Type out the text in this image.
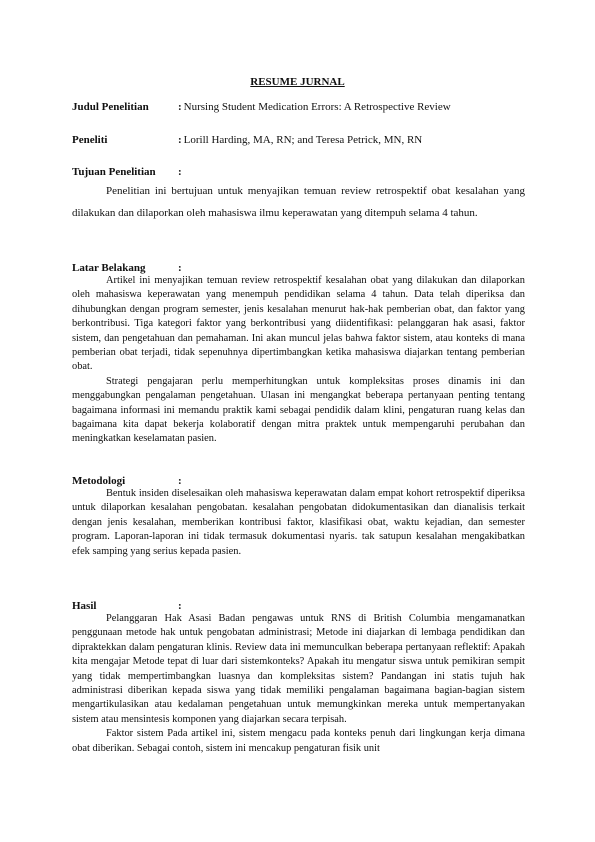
RESUME JURNAL
Judul Penelitian	: Nursing Student Medication Errors: A Retrospective Review
Peneliti	: Lorill Harding, MA, RN; and Teresa Petrick, MN, RN
Tujuan Penelitian :

Penelitian ini bertujuan untuk menyajikan temuan review retrospektif obat kesalahan yang dilakukan dan dilaporkan oleh mahasiswa ilmu keperawatan yang ditempuh selama 4 tahun.

Latar Belakang	:

Artikel ini menyajikan temuan review retrospektif kesalahan obat yang dilakukan dan dilaporkan oleh mahasiswa keperawatan yang menempuh pendidikan selama 4 tahun. Data telah diperiksa dan dihubungkan dengan program semester, jenis kesalahan menurut hak-hak pemberian obat, dan faktor yang berkontribusi. Tiga kategori faktor yang berkontribusi yang diidentifikasi: pelanggaran hak asasi, faktor sistem, dan pengetahuan dan pemahaman. Ini akan muncul jelas bahwa faktor sistem, atau konteks di mana pemberian obat terjadi, tidak sepenuhnya dipertimbangkan ketika mahasiswa diajarkan tentang pemberian obat.

Strategi pengajaran perlu memperhitungkan untuk kompleksitas proses dinamis ini dan menggabungkan pengalaman pengetahuan. Ulasan ini mengangkat beberapa pertanyaan penting tentang bagaimana informasi ini memandu praktik kami sebagai pendidik dalam klini, pengaturan ruang kelas dan bagaimana kita dapat bekerja kolaboratif dengan mitra praktek untuk mempengaruhi perubahan dan meningkatkan keselamatan pasien.

Metodologi	:

Bentuk insiden diselesaikan oleh mahasiswa keperawatan dalam empat kohort retrospektif diperiksa untuk dilaporkan kesalahan pengobatan. kesalahan pengobatan didokumentasikan dan dianalisis terkait dengan jenis kesalahan, memberikan kontribusi faktor, klasifikasi obat, waktu kejadian, dan semester program. Laporan-laporan ini tidak termasuk dokumentasi nyaris. tak satupun kesalahan mengakibatkan efek samping yang serius kepada pasien.

Hasil	:

Pelanggaran Hak Asasi Badan pengawas untuk RNS di British Columbia mengamanatkan penggunaan metode hak untuk pengobatan administrasi; Metode ini diajarkan di lembaga pendidikan dan dipraktekkan dalam pengaturan klinis. Review data ini memunculkan beberapa pertanyaan reflektif: Apakah kita mengajar Metode tepat di luar dari sistemkonteks? Apakah itu mengatur siswa untuk pemikiran sempit yang tidak mempertimbangkan luasnya dan kompleksitas sistem? Pandangan ini statis tujuh hak administrasi diberikan kepada siswa yang tidak memiliki pengalaman bagaimana bagian-bagian sistem mengartikulasikan atau kedalaman pengetahuan untuk memungkinkan mereka untuk mempertanyakan sistem atau mensintesis komponen yang diajarkan secara terpisah.

Faktor sistem Pada artikel ini, sistem mengacu pada konteks penuh dari lingkungan kerja dimana obat diberikan. Sebagai contoh, sistem ini mencakup pengaturan fisik unit
